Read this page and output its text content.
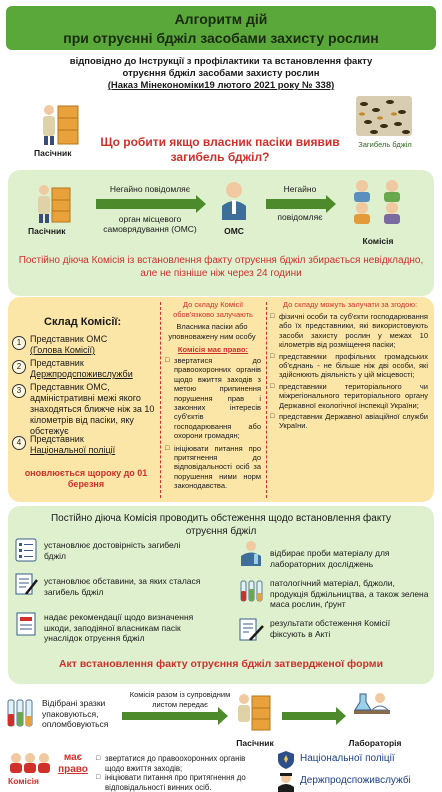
Алгоритм дій
при отруєнні бджіл засобами захисту рослин
відповідно до Інструкції з профілактики та встановлення факту
отруєння бджіл засобами захисту рослин
(Наказ Мінекономіки19 лютого 2021 року № 338)
Пасічник
Що робити якщо власник пасіки виявив загибель бджіл?
Загибель бджіл
Пасічник
Негайно повідомляє
орган місцевого самоврядування (ОМС)	ОМС
Негайно
повідомляє
Комісія
Постійно діюча Комісія із встановлення факту отруєння бджіл збирається невідкладно, але не пізніше ніж через 24 години
Склад Комісії:
1 Представник ОМС
(Голова Комісії)
2 Представник
Держпродспоживслужби
3 Представник ОМС, адміністративні межі якого знаходяться ближче ніж за 10 кілометрів від пасіки, яку обстежує
4 Представник
Національної поліції
оновлюється щороку до 01 березня
До складу Комісії обов'язково залучають
Власника пасіки або уповноважену ним особу
Комісія має право:
□ звертатися до правоохоронних органів щодо вжиття заходів з метою припинення порушення прав і законних інтересів суб'єктів господарювання або охорони громадян;
□ ініціювати питання про притягнення до відповідальності осіб за порушення ними норм законодавства.
До складу можуть залучати за згодою:
□ фізичні особи та суб'єкти господарювання або їх представники, які використовують засоби захисту рослин у межах 10 кілометрів від розміщення пасіки;
□ представники профільних громадських об'єднань - не більше ніж дві особи, які здійснюють діяльність у цій місцевості;
□ представники територіального чи міжрегіонального територіального органу Державної екологічної інспекції України;
□ представник Державної авіаційної служби України.
Постійно діюча Комісія проводить обстеження щодо встановлення факту отруєння бджіл
установлює достовірність загибелі бджіл
установлює обставини, за яких сталася загибель бджіл
надає рекомендації щодо визначення шкоди, заподіяної власникам пасік унаслідок отруєння бджіл
відбирає проби матеріалу для лабораторних досліджень
патологічний матеріал, бджоли, продукція бджільництва, а також зелена маса рослин, ґрунт
результати обстеження Комісії фіксують в Акті
Акт встановлення факту отруєння бджіл затвердженої форми
Відібрані зразки упаковуються, опломбовуються
Комісія разом із супровідним листом передає
Пасічник	Лабораторія
Комісія
має
право
□ звертатися до правоохоронних органів щодо вжиття заходів;
□ ініціювати питання про притягнення до відповідальності винних осіб.
Національної поліції
Держпродспоживслужбі
